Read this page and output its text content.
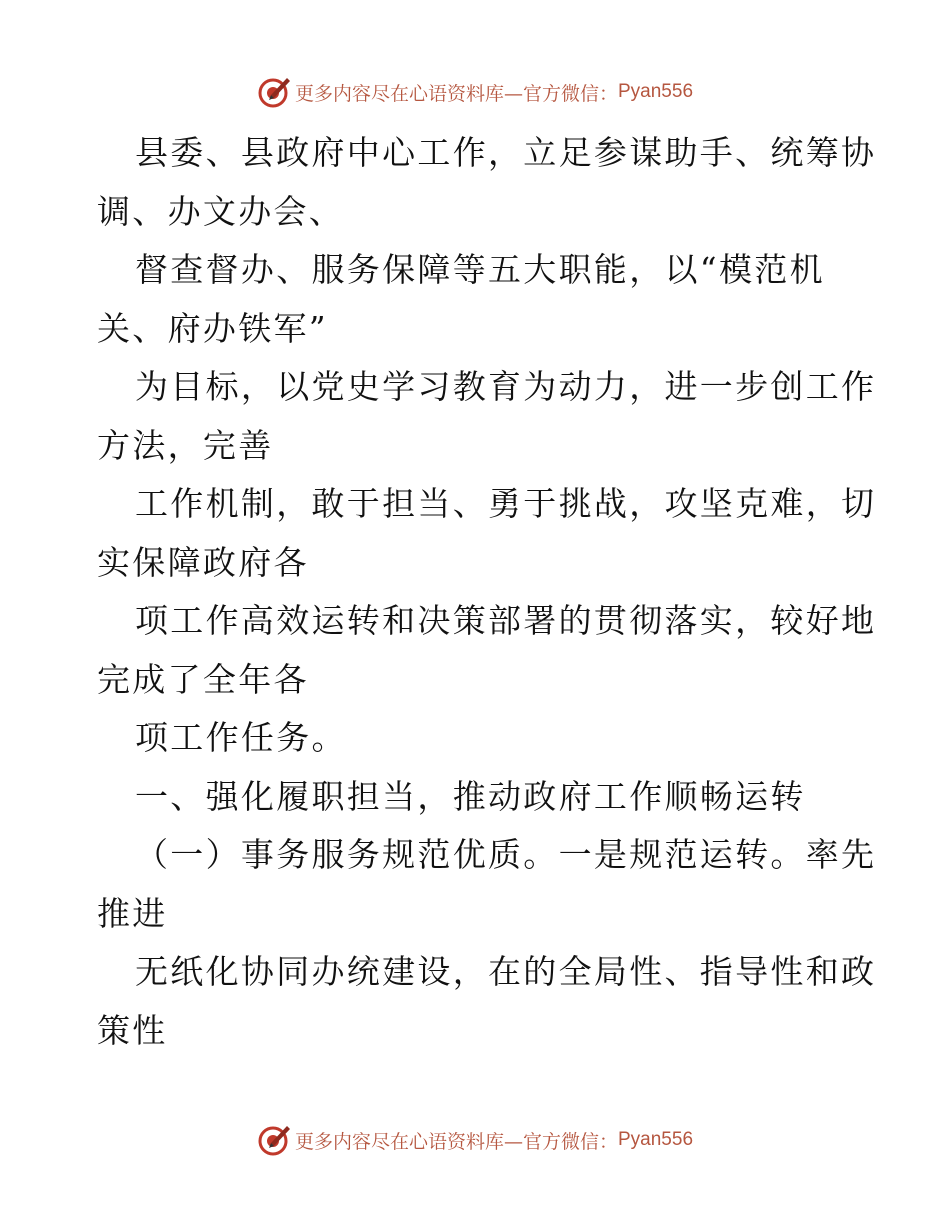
更多内容尽在心语资料库—官方微信： Pyan556
县委、县政府中心工作，立足参谋助手、统筹协
调、办文办会、
督查督办、服务保障等五大职能，以“模范机
关、府办铁军”
为目标，以党史学习教育为动力，进一步创工作
方法，完善
工作机制，敢于担当、勇于挑战，攻坚克难，切
实保障政府各
项工作高效运转和决策部署的贯彻落实，较好地
完成了全年各
项工作任务。
一、强化履职担当，推动政府工作顺畅运转
（一）事务服务规范优质。一是规范运转。率先
推进
无纸化协同办统建设，在的全局性、指导性和政
策性
更多内容尽在心语资料库—官方微信： Pyan556
